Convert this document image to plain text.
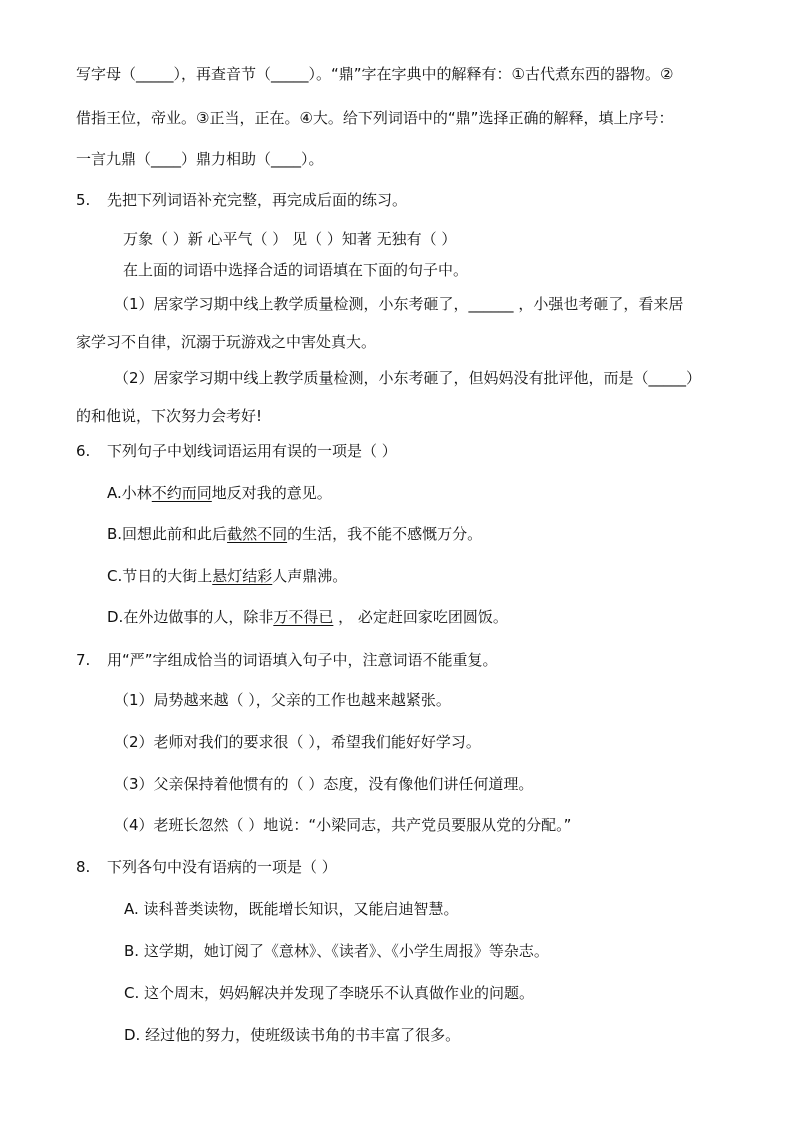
写字母（_____），再查音节（_____）。“鼎”字在字典中的解释有：①古代煮东西的器物。②
借指王位，帝业。③正当，正在。④大。给下列词语中的“鼎”选择正确的解释，填上序号：
一言九鼎（____）鼎力相助（____）。
5. 先把下列词语补充完整，再完成后面的练习。
万象（ ）新 心平气（ ） 见（ ）知著 无独有（ ）
在上面的词语中选择合适的词语填在下面的句子中。
（1）居家学习期中线上教学质量检测，小东考砸了，______ ，小强也考砸了，看来居
家学习不自律，沉溺于玩游戏之中害处真大。
（2）居家学习期中线上教学质量检测，小东考砸了，但妈妈没有批评他，而是（_____）
的和他说，下次努力会考好!
6. 下列句子中划线词语运用有误的一项是（ ）
A.小林不约而同地反对我的意见。
B.回想此前和此后截然不同的生活，我不能不感慨万分。
C.节日的大街上悬灯结彩人声鼎沸。
D.在外边做事的人，除非万不得已 ， 必定赶回家吃团圆饭。
7. 用“严”字组成恰当的词语填入句子中，注意词语不能重复。
（1）局势越来越（ ），父亲的工作也越来越紧张。
（2）老师对我们的要求很（ ），希望我们能好好学习。
（3）父亲保持着他惯有的（ ）态度，没有像他们讲任何道理。
（4）老班长忽然（ ）地说：“小梁同志，共产党员要服从党的分配。”
8. 下列各句中没有语病的一项是（ ）
A. 读科普类读物，既能增长知识，又能启迪智慧。
B. 这学期，她订阅了《意林》、《读者》、《小学生周报》等杂志。
C. 这个周末，妈妈解决并发现了李晓乐不认真做作业的问题。
D. 经过他的努力，使班级读书角的书丰富了很多。
